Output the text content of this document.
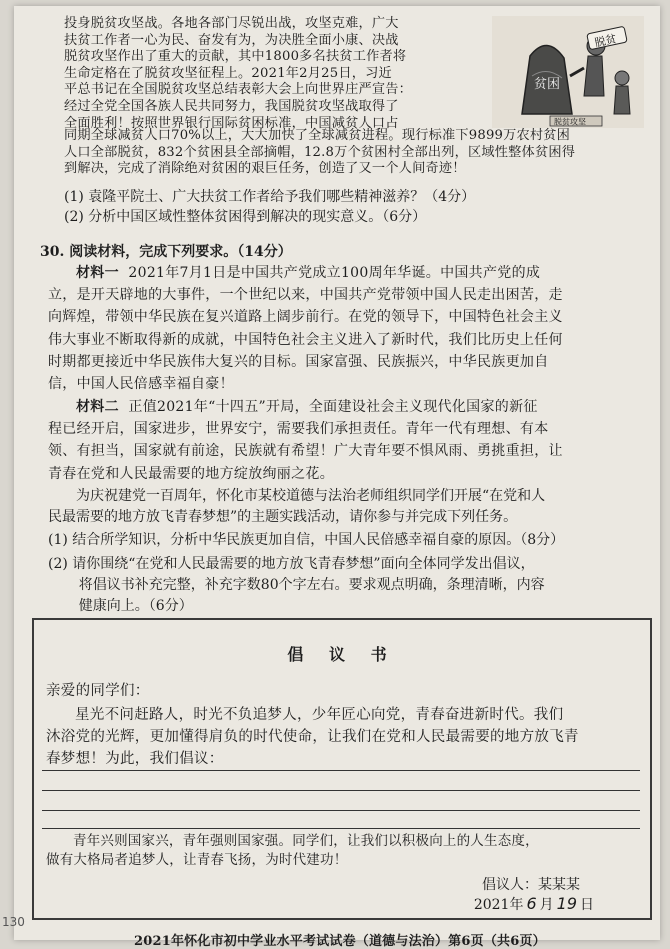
投身脱贫攻坚战。各地各部门尽锐出战，攻坚克难，广大
扶贫工作者一心为民、奋发有为，为决胜全面小康、决战
脱贫攻坚作出了重大的贡献，其中1800多名扶贫工作者将
生命定格在了脱贫攻坚征程上。2021年2月25日，习近
平总书记在全国脱贫攻坚总结表彰大会上向世界庄严宣告：
经过全党全国各族人民共同努力，我国脱贫攻坚战取得了
全面胜利！按照世界银行国际贫困标准，中国减贫人口占
脱贫
贫困
脱贫攻坚
同期全球减贫人口70%以上，大大加快了全球减贫进程。现行标准下9899万农村贫困
人口全部脱贫，832个贫困县全部摘帽，12.8万个贫困村全部出列，区域性整体贫困得
到解决，完成了消除绝对贫困的艰巨任务，创造了又一个人间奇迹！
(1) 袁隆平院士、广大扶贫工作者给予我们哪些精神滋养？（4分）
(2) 分析中国区域性整体贫困得到解决的现实意义。（6分）
30. 阅读材料，完成下列要求。（14分）
材料一 2021年7月1日是中国共产党成立100周年华诞。中国共产党的成
立，是开天辟地的大事件，一个世纪以来，中国共产党带领中国人民走出困苦，走
向辉煌，带领中华民族在复兴道路上阔步前行。在党的领导下，中国特色社会主义
伟大事业不断取得新的成就，中国特色社会主义进入了新时代，我们比历史上任何
时期都更接近中华民族伟大复兴的目标。国家富强、民族振兴，中华民族更加自
信，中国人民倍感幸福自豪！
材料二 正值2021年“十四五”开局，全面建设社会主义现代化国家的新征
程已经开启，国家进步，世界安宁，需要我们承担责任。青年一代有理想、有本
领、有担当，国家就有前途，民族就有希望！广大青年要不惧风雨、勇挑重担，让
青春在党和人民最需要的地方绽放绚丽之花。
为庆祝建党一百周年，怀化市某校道德与法治老师组织同学们开展“在党和人
民最需要的地方放飞青春梦想”的主题实践活动，请你参与并完成下列任务。
(1) 结合所学知识，分析中华民族更加自信，中国人民倍感幸福自豪的原因。（8分）
倡 议 书
亲爱的同学们：
星光不问赶路人，时光不负追梦人，少年匠心向党，青春奋进新时代。我们
沐浴党的光辉，更加懂得肩负的时代使命，让我们在党和人民最需要的地方放飞青
春梦想！为此，我们倡议：
青年兴则国家兴，青年强则国家强。同学们，让我们以积极向上的人生态度，
做有大格局者追梦人，让青春飞扬，为时代建功！
倡议人：某某某
2021年 6 月 19 日
(2) 请你围绕“在党和人民最需要的地方放飞青春梦想”面向全体同学发出倡议，
将倡议书补充完整，补充字数80个字左右。要求观点明确，条理清晰，内容
健康向上。（6分）
2021年怀化市初中学业水平考试试卷（道德与法治）第6页（共6页）
130
